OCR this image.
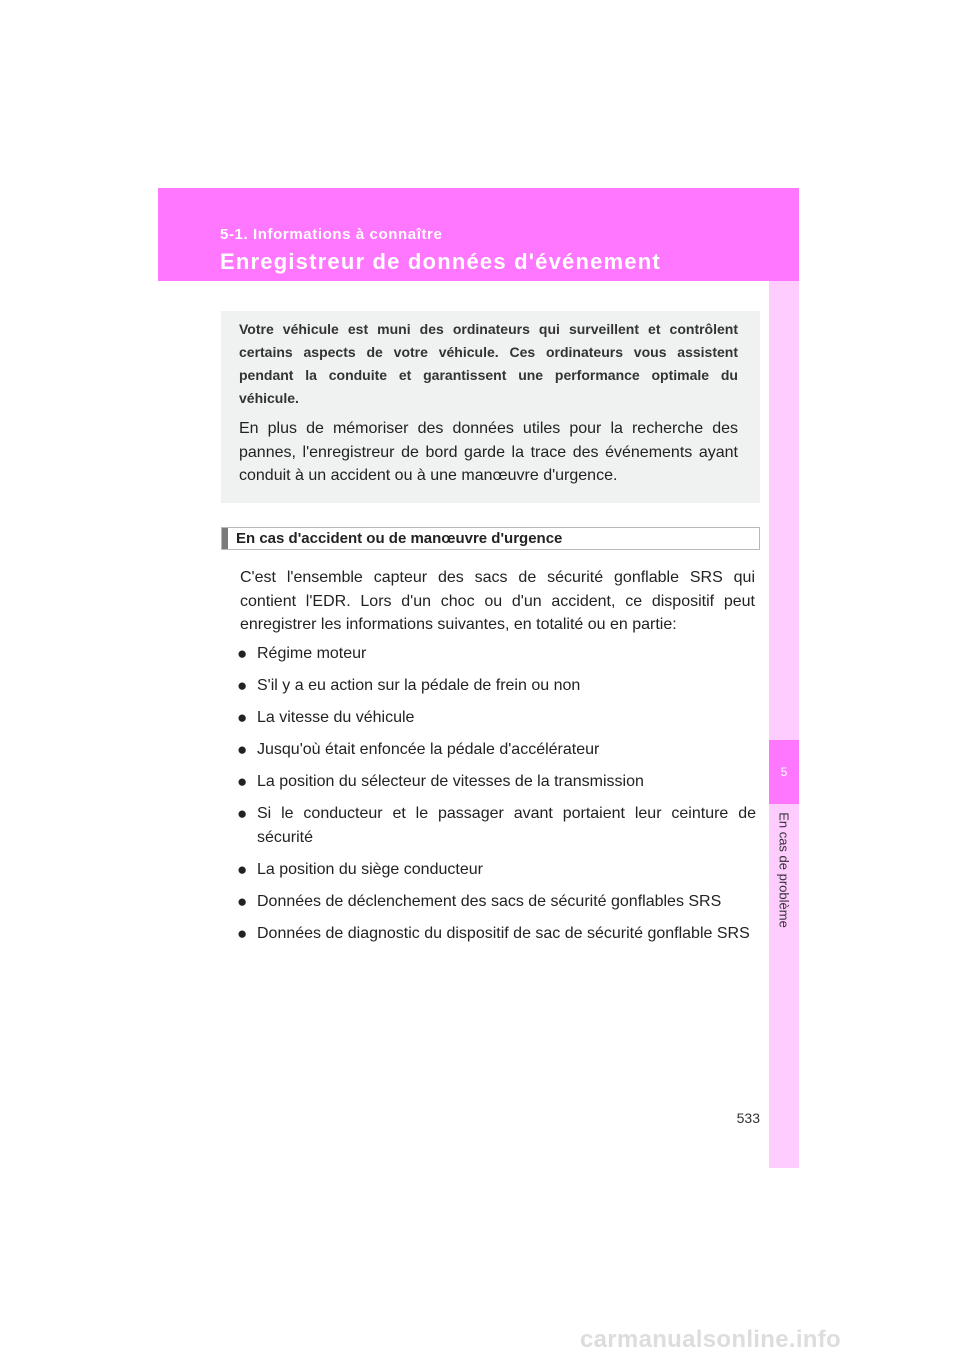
5-1. Informations à connaître
Enregistreur de données d'événement
5
En cas de problème
Votre véhicule est muni des ordinateurs qui surveillent et contrôlent certains aspects de votre véhicule. Ces ordinateurs vous assistent pendant la conduite et garantissent une performance optimale du véhicule.
En plus de mémoriser des données utiles pour la recherche des pannes, l'enregistreur de bord garde la trace des événements ayant conduit à un accident ou à une manœuvre d'urgence.
En cas d'accident ou de manœuvre d'urgence
C'est l'ensemble capteur des sacs de sécurité gonflable SRS qui contient l'EDR. Lors d'un choc ou d'un accident, ce dispositif peut enregistrer les informations suivantes, en totalité ou en partie:
● Régime moteur
● S'il y a eu action sur la pédale de frein ou non
● La vitesse du véhicule
● Jusqu'où était enfoncée la pédale d'accélérateur
● La position du sélecteur de vitesses de la transmission
● Si le conducteur et le passager avant portaient leur ceinture de sécurité
● La position du siège conducteur
● Données de déclenchement des sacs de sécurité gonflables SRS
● Données de diagnostic du dispositif de sac de sécurité gonflable SRS
533
carmanualsonline.info
